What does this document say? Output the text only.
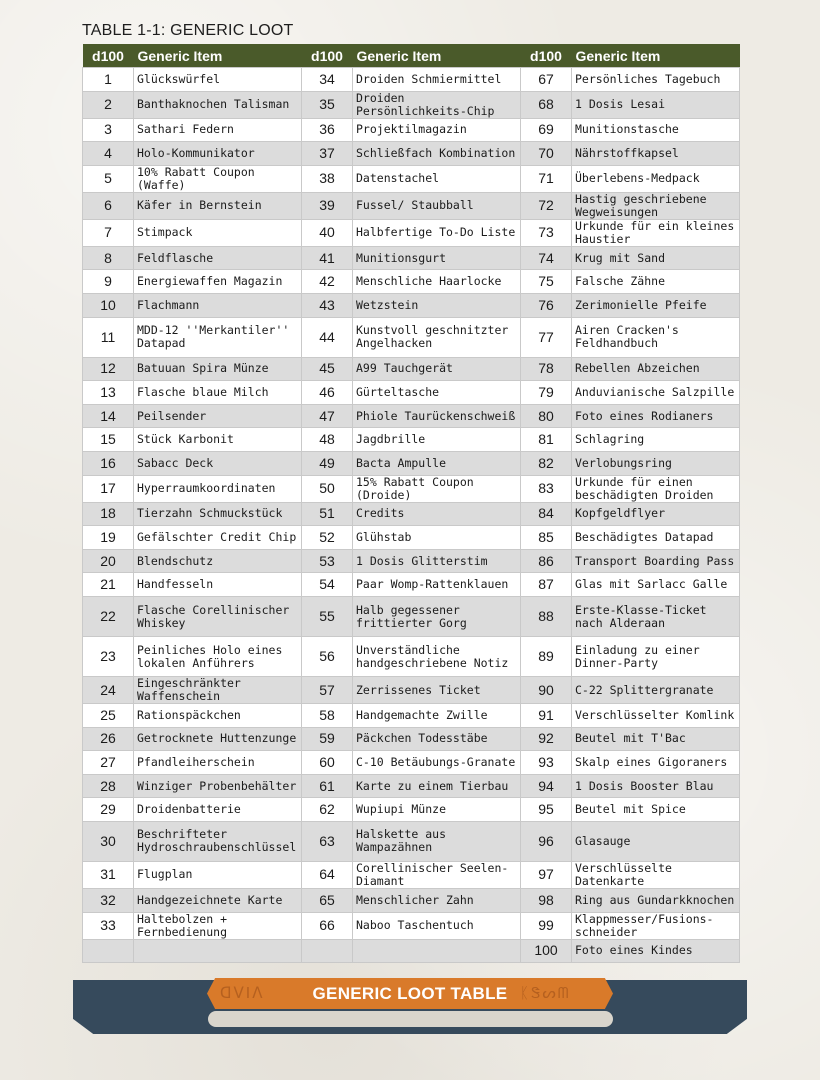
TABLE 1-1: GENERIC LOOT
d100	Generic Item	d100	Generic Item	d100	Generic Item
1	Glückswürfel	34	Droiden Schmiermittel	67	Persönliches Tagebuch
2	Banthaknochen Talisman	35	Droiden Persönlichkeits-Chip	68	1 Dosis Lesai
3	Sathari Federn	36	Projektilmagazin	69	Munitionstasche
4	Holo-Kommunikator	37	Schließfach Kombination	70	Nährstoffkapsel
5	10% Rabatt Coupon (Waffe)	38	Datenstachel	71	Überlebens-Medpack
6	Käfer in Bernstein	39	Fussel/ Staubball	72	Hastig geschriebene Wegweisungen
7	Stimpack	40	Halbfertige To-Do Liste	73	Urkunde für ein kleines Haustier
8	Feldflasche	41	Munitionsgurt	74	Krug mit Sand
9	Energiewaffen Magazin	42	Menschliche Haarlocke	75	Falsche Zähne
10	Flachmann	43	Wetzstein	76	Zerimonielle Pfeife
11	MDD-12 ''Merkantiler'' Datapad	44	Kunstvoll geschnitzter Angelhacken	77	Airen Cracken's Feldhandbuch
12	Batuuan Spira Münze	45	A99 Tauchgerät	78	Rebellen Abzeichen
13	Flasche blaue Milch	46	Gürteltasche	79	Anduvianische Salzpille
14	Peilsender	47	Phiole Taurückenschweiß	80	Foto eines Rodianers
15	Stück Karbonit	48	Jagdbrille	81	Schlagring
16	Sabacc Deck	49	Bacta Ampulle	82	Verlobungsring
17	Hyperraumkoordinaten	50	15% Rabatt Coupon (Droide)	83	Urkunde für einen beschädigten Droiden
18	Tierzahn Schmuckstück	51	Credits	84	Kopfgeldflyer
19	Gefälschter Credit Chip	52	Glühstab	85	Beschädigtes Datapad
20	Blendschutz	53	1 Dosis Glitterstim	86	Transport Boarding Pass
21	Handfesseln	54	Paar Womp-Rattenklauen	87	Glas mit Sarlacc Galle
22	Flasche Corellinischer Whiskey	55	Halb gegessener frittierter Gorg	88	Erste-Klasse-Ticket nach Alderaan
23	Peinliches Holo eines lokalen Anführers	56	Unverständliche handgeschriebene Notiz	89	Einladung zu einer Dinner-Party
24	Eingeschränkter Waffenschein	57	Zerrissenes Ticket	90	C-22 Splittergranate
25	Rationspäckchen	58	Handgemachte Zwille	91	Verschlüsselter Komlink
26	Getrocknete Huttenzunge	59	Päckchen Todesstäbe	92	Beutel mit T'Bac
27	Pfandleiherschein	60	C-10 Betäubungs-Granate	93	Skalp eines Gigoraners
28	Winziger Probenbehälter	61	Karte zu einem Tierbau	94	1 Dosis Booster Blau
29	Droidenbatterie	62	Wupiupi Münze	95	Beutel mit Spice
30	Beschrifteter Hydroschraubenschlüssel	63	Halskette aus Wampazähnen	96	Glasauge
31	Flugplan	64	Corellinischer Seelen-Diamant	97	Verschlüsselte Datenkarte
32	Handgezeichnete Karte	65	Menschlicher Zahn	98	Ring aus Gundarkknochen
33	Haltebolzen + Fernbedienung	66	Naboo Taschentuch	99	Klappmesser/Fusions-schneider
				100	Foto eines Kindes
ᗡᐯIᐱ	ᛕᏕᔕᗰ
GENERIC LOOT TABLE
